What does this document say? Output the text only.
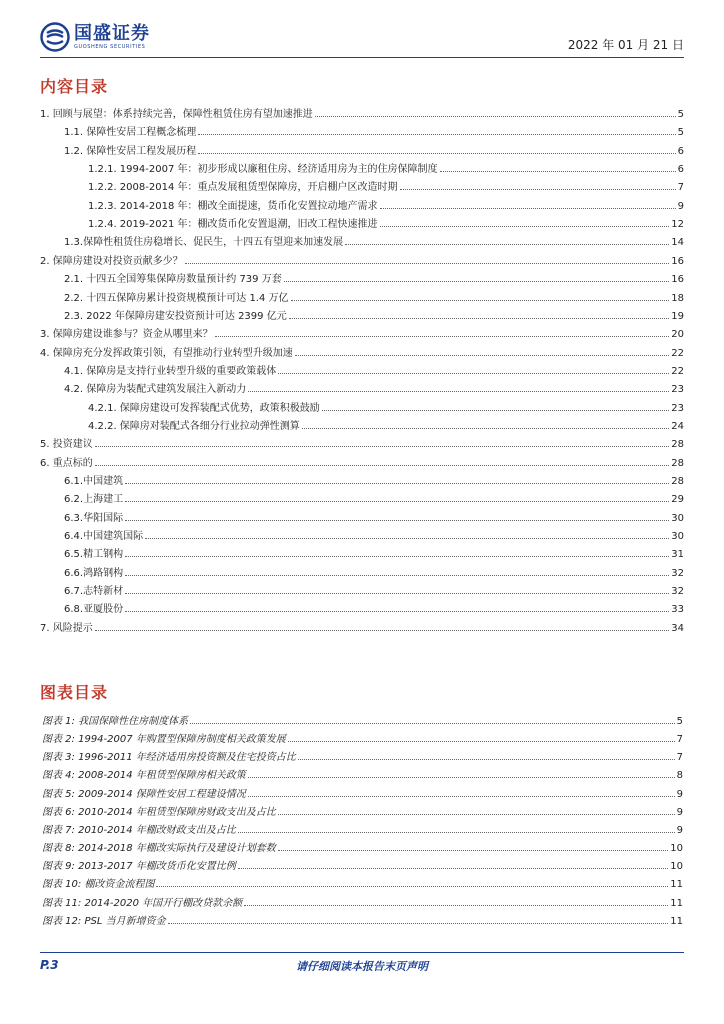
国盛证券
GUOSHENG SECURITIES	2022 年 01 月 21 日
内容目录
1. 回顾与展望：体系持续完善，保障性租赁住房有望加速推进	5
1.1. 保障性安居工程概念梳理	5
1.2. 保障性安居工程发展历程	6
1.2.1. 1994-2007 年：初步形成以廉租住房、经济适用房为主的住房保障制度	6
1.2.2. 2008-2014 年：重点发展租赁型保障房，开启棚户区改造时期	7
1.2.3. 2014-2018 年：棚改全面提速，货币化安置拉动地产需求	9
1.2.4. 2019-2021 年：棚改货币化安置退潮，旧改工程快速推进	12
1.3.保障性租赁住房稳增长、促民生，十四五有望迎来加速发展	14
2. 保障房建设对投资贡献多少？	16
2.1. 十四五全国筹集保障房数量预计约 739 万套	16
2.2. 十四五保障房累计投资规模预计可达 1.4 万亿	18
2.3. 2022 年保障房建安投资预计可达 2399 亿元	19
3. 保障房建设谁参与？资金从哪里来？	20
4. 保障房充分发挥政策引领，有望推动行业转型升级加速	22
4.1. 保障房是支持行业转型升级的重要政策载体	22
4.2. 保障房为装配式建筑发展注入新动力	23
4.2.1. 保障房建设可发挥装配式优势，政策积极鼓励	23
4.2.2. 保障房对装配式各细分行业拉动弹性测算	24
5. 投资建议	28
6. 重点标的	28
6.1.中国建筑	28
6.2.上海建工	29
6.3.华阳国际	30
6.4.中国建筑国际	30
6.5.精工钢构	31
6.6.鸿路钢构	32
6.7.志特新材	32
6.8.亚厦股份	33
7. 风险提示	34
图表目录
图表 1: 我国保障性住房制度体系	5
图表 2: 1994-2007 年购置型保障房制度相关政策发展	7
图表 3: 1996-2011 年经济适用房投资额及住宅投资占比	7
图表 4: 2008-2014 年租赁型保障房相关政策	8
图表 5: 2009-2014 保障性安居工程建设情况	9
图表 6: 2010-2014 年租赁型保障房财政支出及占比	9
图表 7: 2010-2014 年棚改财政支出及占比	9
图表 8: 2014-2018 年棚改实际执行及建设计划套数	10
图表 9: 2013-2017 年棚改货币化安置比例	10
图表 10: 棚改资金流程图	11
图表 11: 2014-2020 年国开行棚改贷款余额	11
图表 12: PSL 当月新增资金	11
P.3	请仔细阅读本报告末页声明
